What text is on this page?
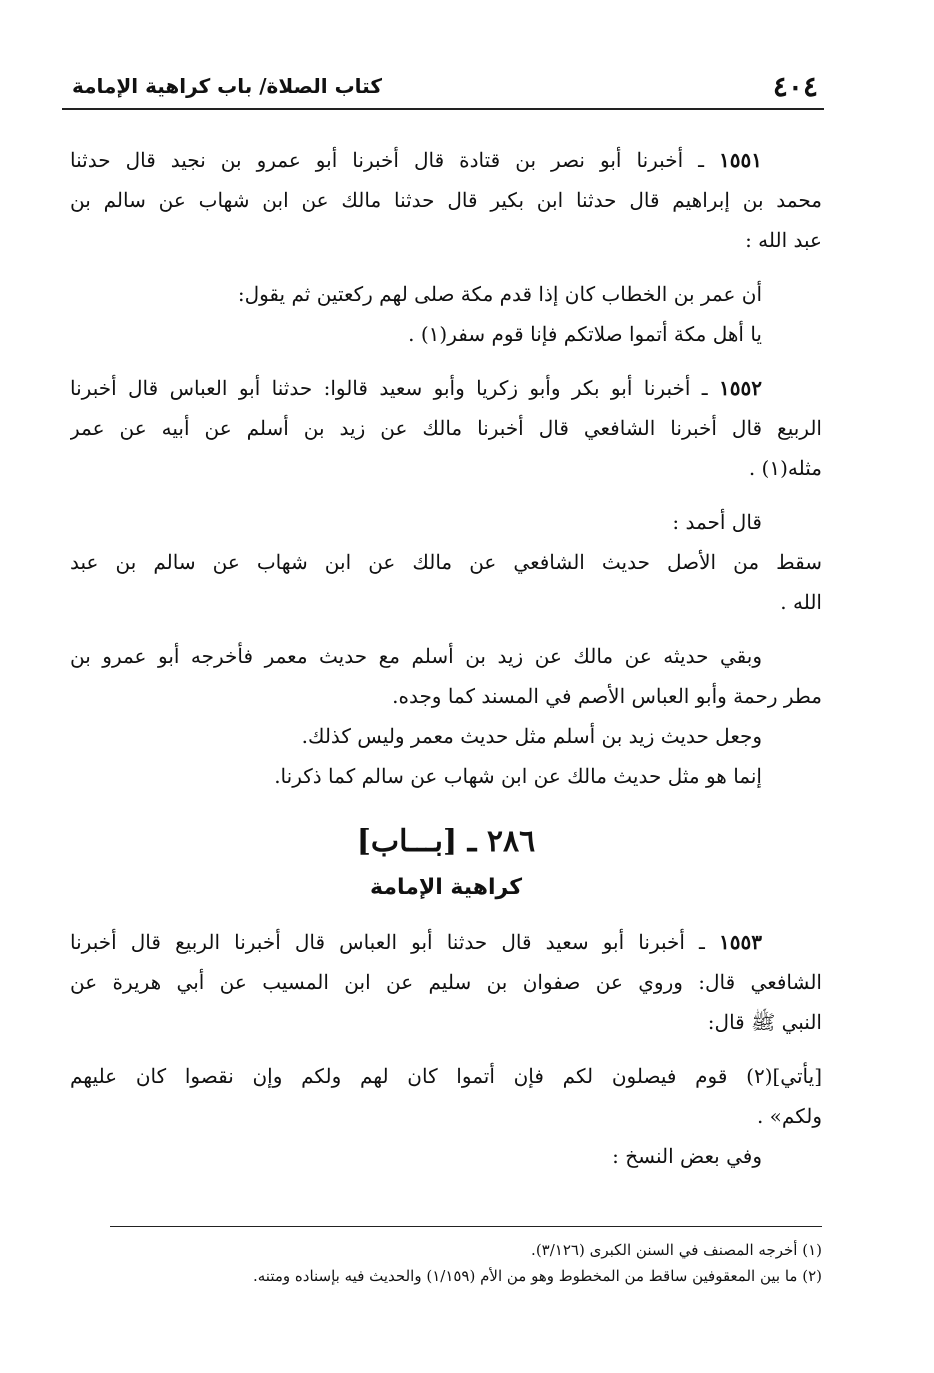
٤٠٤
كتاب الصلاة/ باب كراهية الإمامة
١٥٥١ ـ أخبرنا أبو نصر بن قتادة قال أخبرنا أبو عمرو بن نجيد قال حدثنا
محمد بن إبراهيم قال حدثنا ابن بكير قال حدثنا مالك عن ابن شهاب عن سالم بن
عبد الله :
أن عمر بن الخطاب كان إذا قدم مكة صلى لهم ركعتين ثم يقول:
يا أهل مكة أتموا صلاتكم فإنا قوم سفر(١) .
١٥٥٢ ـ أخبرنا أبو بكر وأبو زكريا وأبو سعيد قالوا: حدثنا أبو العباس قال أخبرنا
الربيع قال أخبرنا الشافعي قال أخبرنا مالك عن زيد بن أسلم عن أبيه عن عمر
مثله(١) .
قال أحمد :
سقط من الأصل حديث الشافعي عن مالك عن ابن شهاب عن سالم بن عبد
الله .
وبقي حديثه عن مالك عن زيد بن أسلم مع حديث معمر فأخرجه أبو عمرو بن
مطر رحمة وأبو العباس الأصم في المسند كما وجده.
وجعل حديث زيد بن أسلم مثل حديث معمر وليس كذلك.
إنما هو مثل حديث مالك عن ابن شهاب عن سالم كما ذكرنا.
٢٨٦ ـ [بـــاب]
كراهية الإمامة
١٥٥٣ ـ أخبرنا أبو سعيد قال حدثنا أبو العباس قال أخبرنا الربيع قال أخبرنا
الشافعي قال: وروي عن صفوان بن سليم عن ابن المسيب عن أبي هريرة عن
النبي ﷺ قال:
[يأتي](٢) قوم فيصلون لكم فإن أتموا كان لهم ولكم وإن نقصوا كان عليهم
ولكم» .
وفي بعض النسخ :
(١) أخرجه المصنف في السنن الكبرى (٣/١٢٦).
(٢) ما بين المعقوفين ساقط من المخطوط وهو من الأم (١/١٥٩) والحديث فيه بإسناده ومتنه.
